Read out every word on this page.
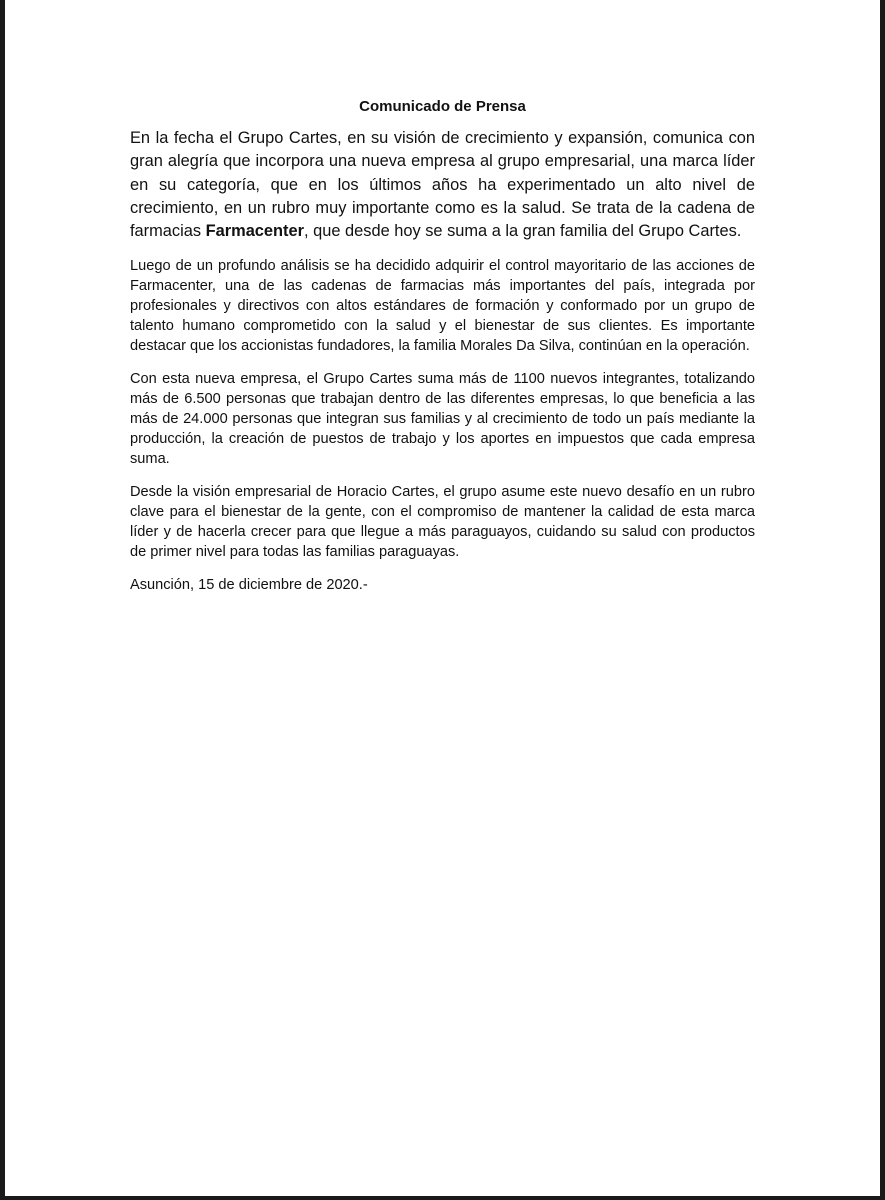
Comunicado de Prensa

En la fecha el Grupo Cartes, en su visión de crecimiento y expansión, comunica con gran alegría que incorpora una nueva empresa al grupo empresarial, una marca líder en su categoría, que en los últimos años ha experimentado un alto nivel de crecimiento, en un rubro muy importante como es la salud. Se trata de la cadena de farmacias Farmacenter, que desde hoy se suma a la gran familia del Grupo Cartes.

Luego de un profundo análisis se ha decidido adquirir el control mayoritario de las acciones de Farmacenter, una de las cadenas de farmacias más importantes del país, integrada por profesionales y directivos con altos estándares de formación y conformado por un grupo de talento humano comprometido con la salud y el bienestar de sus clientes. Es importante destacar que los accionistas fundadores, la familia Morales Da Silva, continúan en la operación.

Con esta nueva empresa, el Grupo Cartes suma más de 1100 nuevos integrantes, totalizando más de 6.500 personas que trabajan dentro de las diferentes empresas, lo que beneficia a las más de 24.000 personas que integran sus familias y al crecimiento de todo un país mediante la producción, la creación de puestos de trabajo y los aportes en impuestos que cada empresa suma.

Desde la visión empresarial de Horacio Cartes, el grupo asume este nuevo desafío en un rubro clave para el bienestar de la gente, con el compromiso de mantener la calidad de esta marca líder y de hacerla crecer para que llegue a más paraguayos, cuidando su salud con productos de primer nivel para todas las familias paraguayas.

Asunción, 15 de diciembre de 2020.-
